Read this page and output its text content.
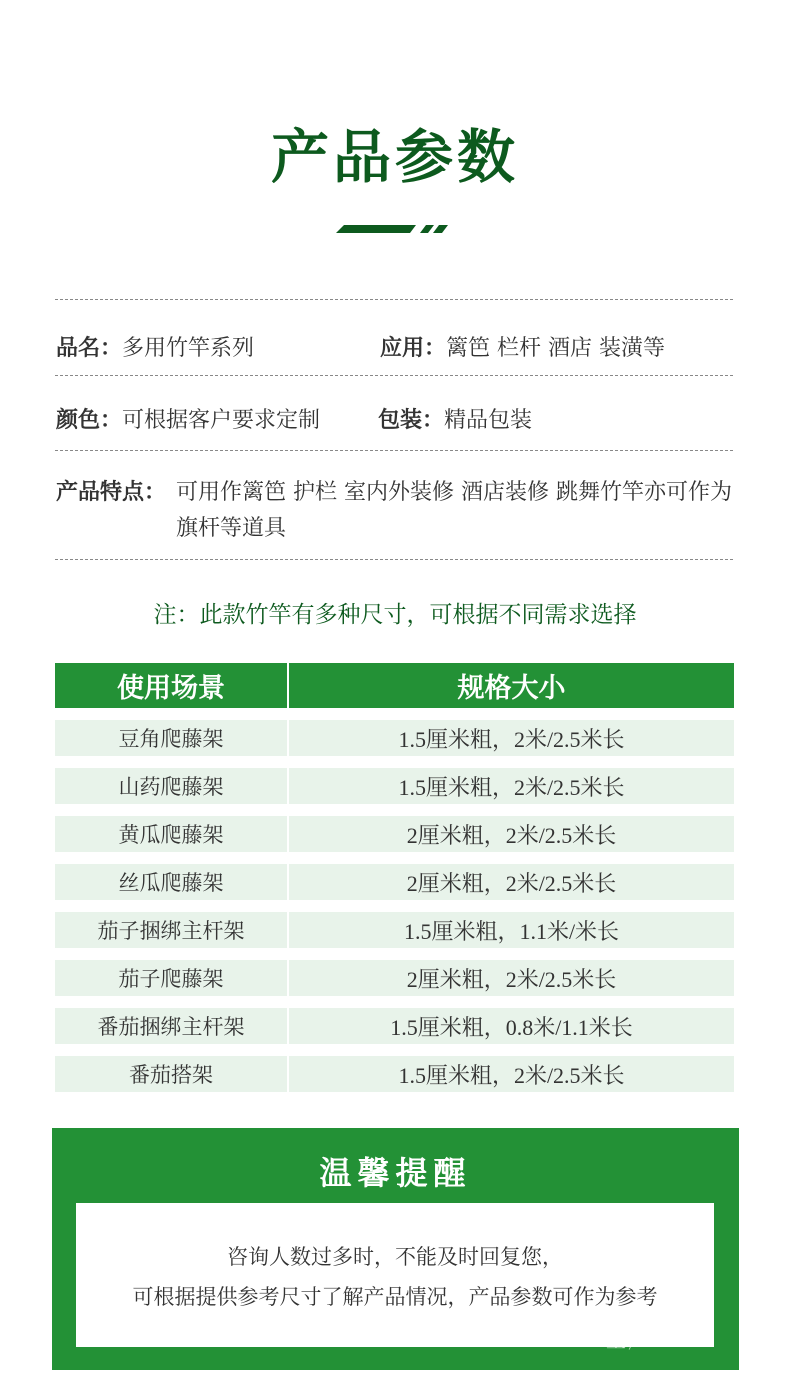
产品参数
品名：多用竹竿系列	应用：篱笆 栏杆 酒店 装潢等
颜色：可根据客户要求定制	包装：精品包装
产品特点： 可用作篱笆 护栏 室内外装修 酒店装修 跳舞竹竿亦可作为旗杆等道具
注：此款竹竿有多种尺寸，可根据不同需求选择
使用场景	规格大小
豆角爬藤架	1.5厘米粗，2米/2.5米长
山药爬藤架	1.5厘米粗，2米/2.5米长
黄瓜爬藤架	2厘米粗，2米/2.5米长
丝瓜爬藤架	2厘米粗，2米/2.5米长
茄子捆绑主杆架	1.5厘米粗，1.1米/米长
茄子爬藤架	2厘米粗，2米/2.5米长
番茄捆绑主杆架	1.5厘米粗，0.8米/1.1米长
番茄搭架	1.5厘米粗，2米/2.5米长
温馨提醒
咨询人数过多时，不能及时回复您，
可根据提供参考尺寸了解产品情况，产品参数可作为参考
工厂
